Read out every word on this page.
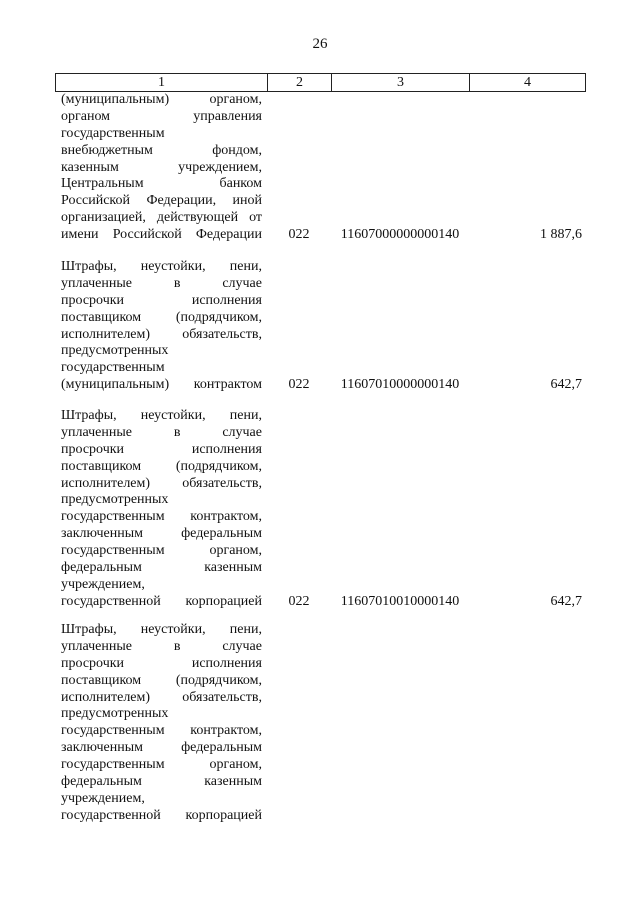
26
1	2	3	4
(муниципальным) органом,
органом управления
государственным
внебюджетным фондом,
казенным учреждением,
Центральным банком
Российской Федерации, иной
организацией, действующей от
имени Российской Федерации	022	11607000000000140	1 887,6
Штрафы, неустойки, пени,
уплаченные в случае
просрочки исполнения
поставщиком (подрядчиком,
исполнителем) обязательств,
предусмотренных
государственным
(муниципальным) контрактом	022	11607010000000140	642,7
Штрафы, неустойки, пени,
уплаченные в случае
просрочки исполнения
поставщиком (подрядчиком,
исполнителем) обязательств,
предусмотренных
государственным контрактом,
заключенным федеральным
государственным органом,
федеральным казенным
учреждением,
государственной корпорацией	022	11607010010000140	642,7
Штрафы, неустойки, пени,
уплаченные в случае
просрочки исполнения
поставщиком (подрядчиком,
исполнителем) обязательств,
предусмотренных
государственным контрактом,
заключенным федеральным
государственным органом,
федеральным казенным
учреждением,
государственной корпорацией
